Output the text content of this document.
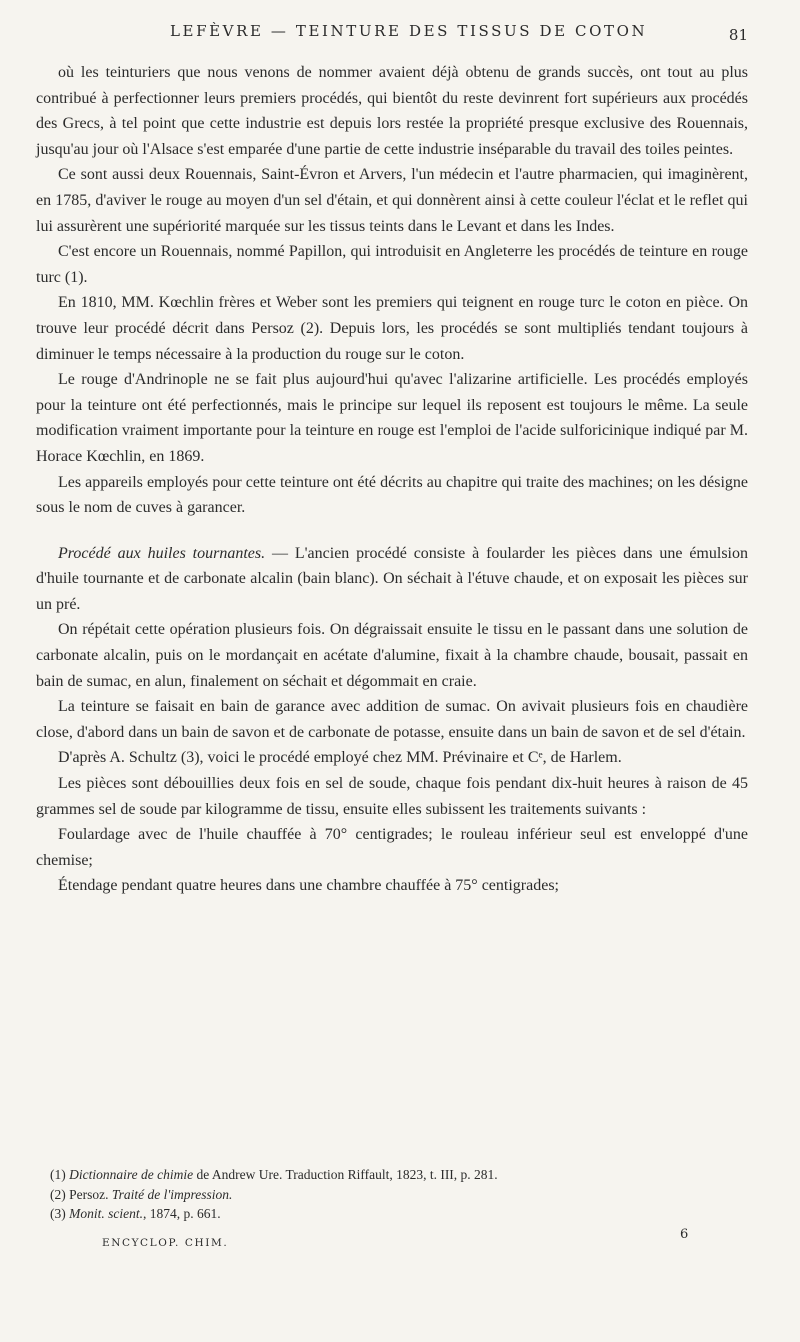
LEFÈVRE — TEINTURE DES TISSUS DE COTON	81

où les teinturiers que nous venons de nommer avaient déjà obtenu de grands succès, ont tout au plus contribué à perfectionner leurs premiers procédés, qui bientôt du reste devinrent fort supérieurs aux procédés des Grecs, à tel point que cette industrie est depuis lors restée la propriété presque exclusive des Rouennais, jusqu'au jour où l'Alsace s'est emparée d'une partie de cette industrie inséparable du travail des toiles peintes.

Ce sont aussi deux Rouennais, Saint-Évron et Arvers, l'un médecin et l'autre pharmacien, qui imaginèrent, en 1785, d'aviver le rouge au moyen d'un sel d'étain, et qui donnèrent ainsi à cette couleur l'éclat et le reflet qui lui assurèrent une supériorité marquée sur les tissus teints dans le Levant et dans les Indes.

C'est encore un Rouennais, nommé Papillon, qui introduisit en Angleterre les procédés de teinture en rouge turc (1).

En 1810, MM. Kœchlin frères et Weber sont les premiers qui teignent en rouge turc le coton en pièce. On trouve leur procédé décrit dans Persoz (2). Depuis lors, les procédés se sont multipliés tendant toujours à diminuer le temps nécessaire à la production du rouge sur le coton.

Le rouge d'Andrinople ne se fait plus aujourd'hui qu'avec l'alizarine artificielle. Les procédés employés pour la teinture ont été perfectionnés, mais le principe sur lequel ils reposent est toujours le même. La seule modification vraiment importante pour la teinture en rouge est l'emploi de l'acide sulforicinique indiqué par M. Horace Kœchlin, en 1869.

Les appareils employés pour cette teinture ont été décrits au chapitre qui traite des machines; on les désigne sous le nom de cuves à garancer.

Procédé aux huiles tournantes. — L'ancien procédé consiste à foularder les pièces dans une émulsion d'huile tournante et de carbonate alcalin (bain blanc). On séchait à l'étuve chaude, et on exposait les pièces sur un pré.

On répétait cette opération plusieurs fois. On dégraissait ensuite le tissu en le passant dans une solution de carbonate alcalin, puis on le mordançait en acétate d'alumine, fixait à la chambre chaude, bousait, passait en bain de sumac, en alun, finalement on séchait et dégommait en craie.

La teinture se faisait en bain de garance avec addition de sumac. On avivait plusieurs fois en chaudière close, d'abord dans un bain de savon et de carbonate de potasse, ensuite dans un bain de savon et de sel d'étain.

D'après A. Schultz (3), voici le procédé employé chez MM. Prévinaire et Cᵉ, de Harlem.

Les pièces sont débouillies deux fois en sel de soude, chaque fois pendant dix-huit heures à raison de 45 grammes sel de soude par kilogramme de tissu, ensuite elles subissent les traitements suivants :

Foulardage avec de l'huile chauffée à 70° centigrades; le rouleau inférieur seul est enveloppé d'une chemise;

Étendage pendant quatre heures dans une chambre chauffée à 75° centigrades;

(1) Dictionnaire de chimie de Andrew Ure. Traduction Riffault, 1823, t. III, p. 281.
(2) Persoz. Traité de l'impression.
(3) Monit. scient., 1874, p. 661.
ENCYCLOP. CHIM.
6
